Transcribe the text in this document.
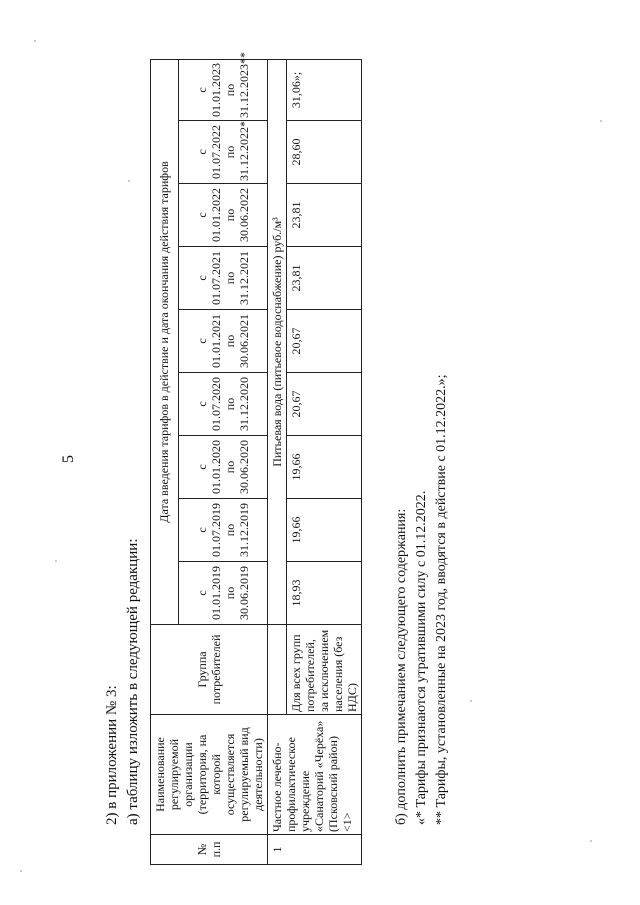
5
2) в приложении № 3: а) таблицу изложить в следующей редакции:
№ п.п	Наименование регулируемой организации (территория, на которой осуществляется регулируемый вид деятельности)	Группа потребителей	Дата введения тарифов в действие и дата окончания действия тарифов								
			с 01.01.2019 по 30.06.2019	с 01.07.2019 по 31.12.2019	с 01.01.2020 по 30.06.2020	с 01.07.2020 по 31.12.2020	с 01.01.2021 по 30.06.2021	с 01.07.2021 по 31.12.2021	с 01.01.2022 по 30.06.2022	с 01.07.2022 по 31.12.2022*	с 01.01.2023 по 31.12.2023**
1	Частное лечебно-профилактическое учреждение «Санаторий «Черёха» (Псковский район) <1>		Питьевая вода (питьевое водоснабжение) руб./м³								
		Для всех групп потребителей, за исключением населения (без НДС)	18,93	19,66	19,66	20,67	20,67	23,81	23,81	28,60	31,06»;
б) дополнить примечанием следующего содержания: «* Тарифы признаются утратившими силу с 01.12.2022. ** Тарифы, установленные на 2023 год, вводятся в действие с 01.12.2022.»;
